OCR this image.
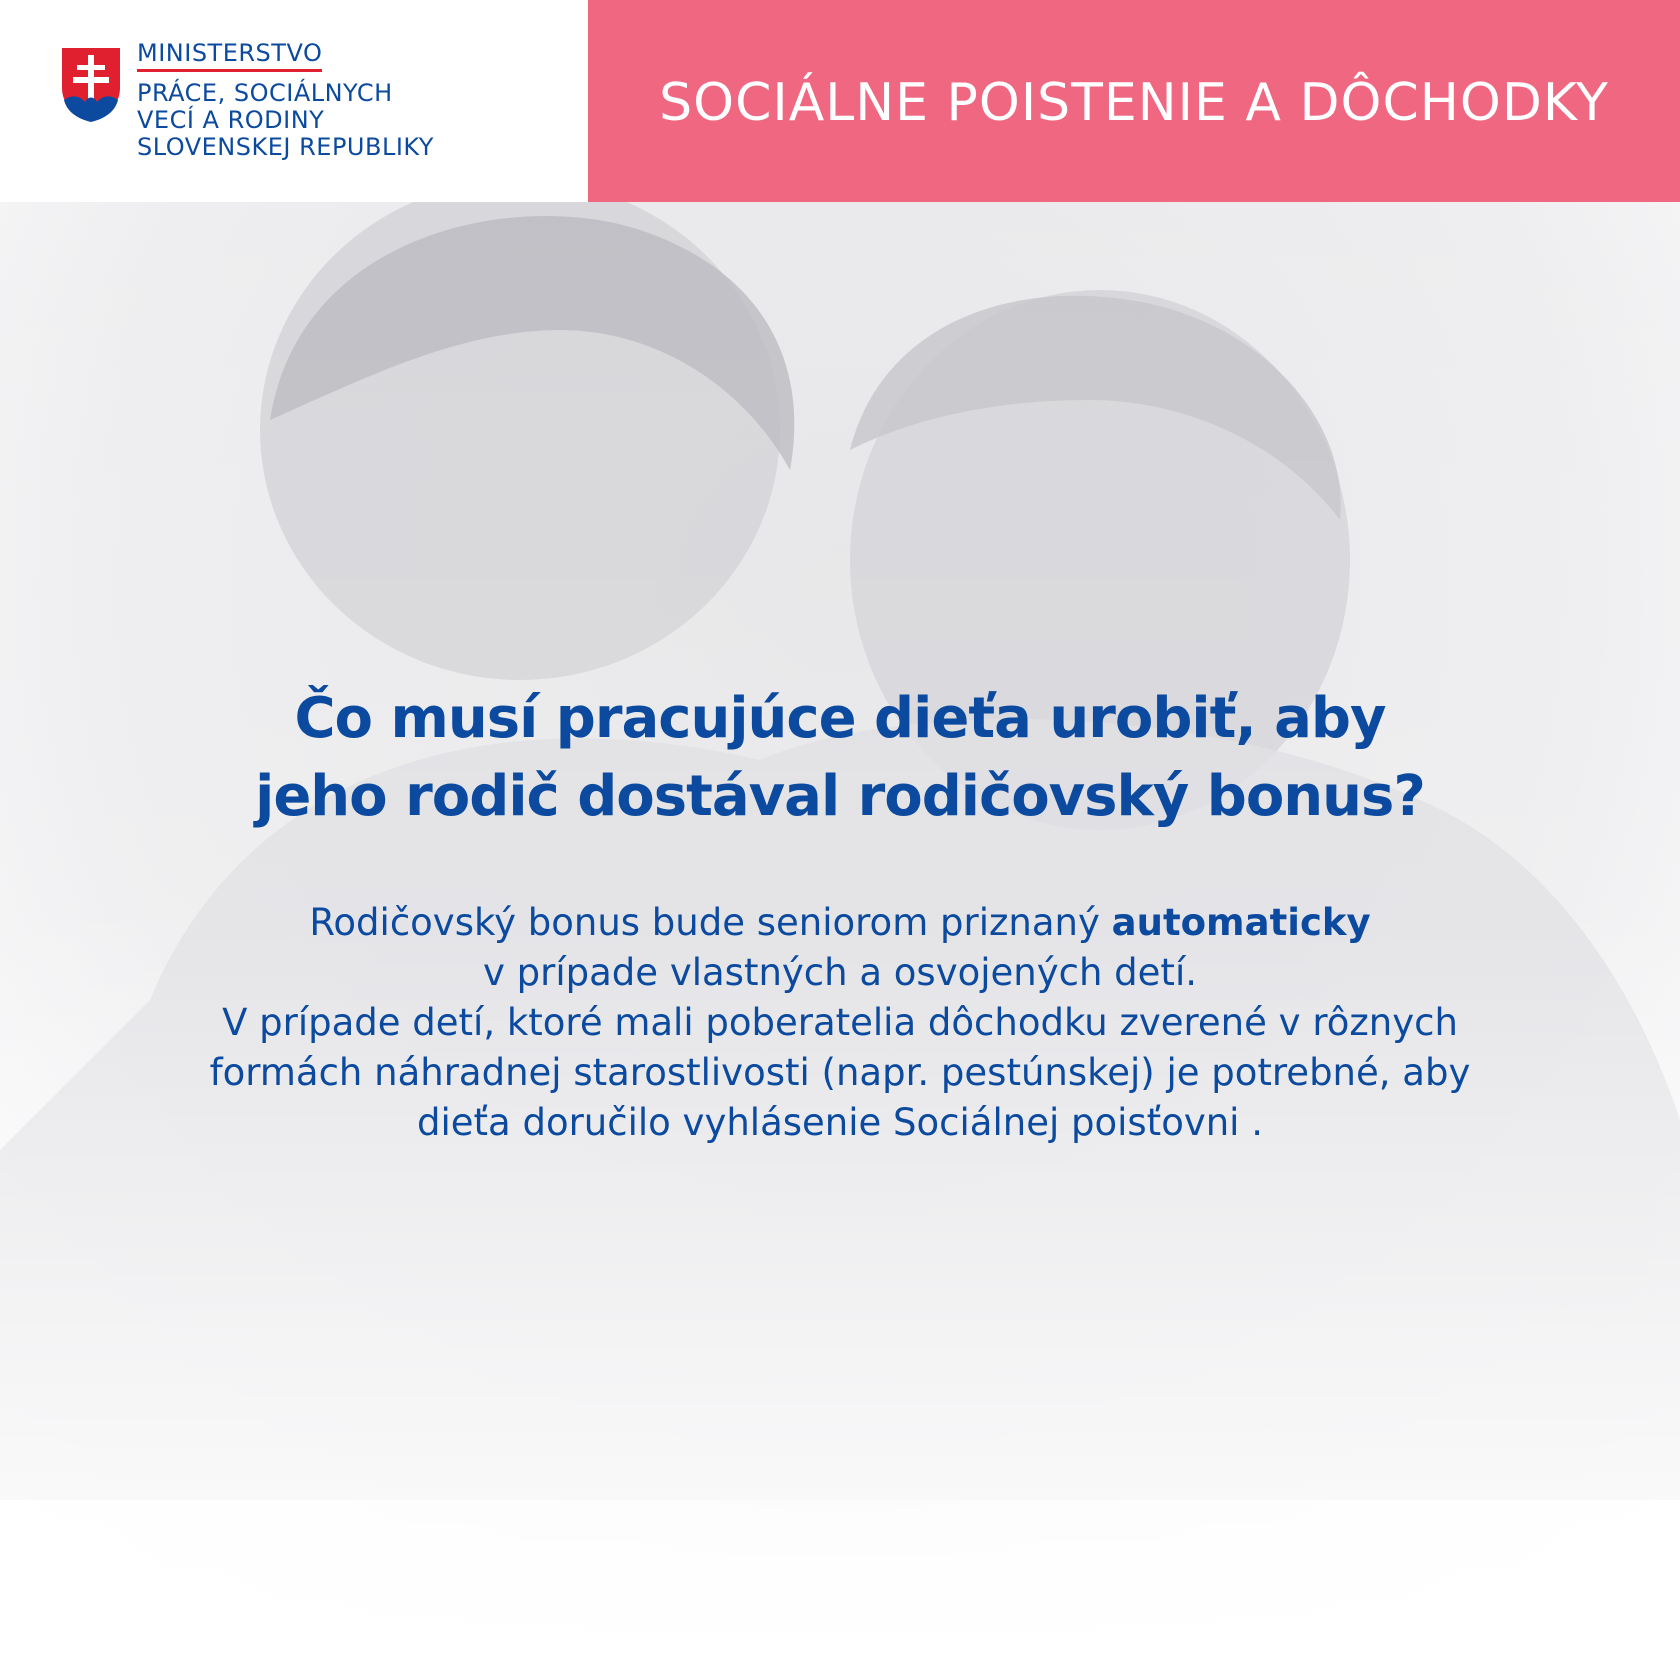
MINISTERSTVO
PRÁCE, SOCIÁLNYCH
VECÍ A RODINY
SLOVENSKEJ REPUBLIKY
SOCIÁLNE POISTENIE A DÔCHODKY
Čo musí pracujúce dieťa urobiť, aby
jeho rodič dostával rodičovský bonus?
Rodičovský bonus bude seniorom priznaný automaticky
v prípade vlastných a osvojených detí.
V prípade detí, ktoré mali poberatelia dôchodku zverené v rôznych
formách náhradnej starostlivosti (napr. pestúnskej) je potrebné, aby
dieťa doručilo vyhlásenie Sociálnej poisťovni .
